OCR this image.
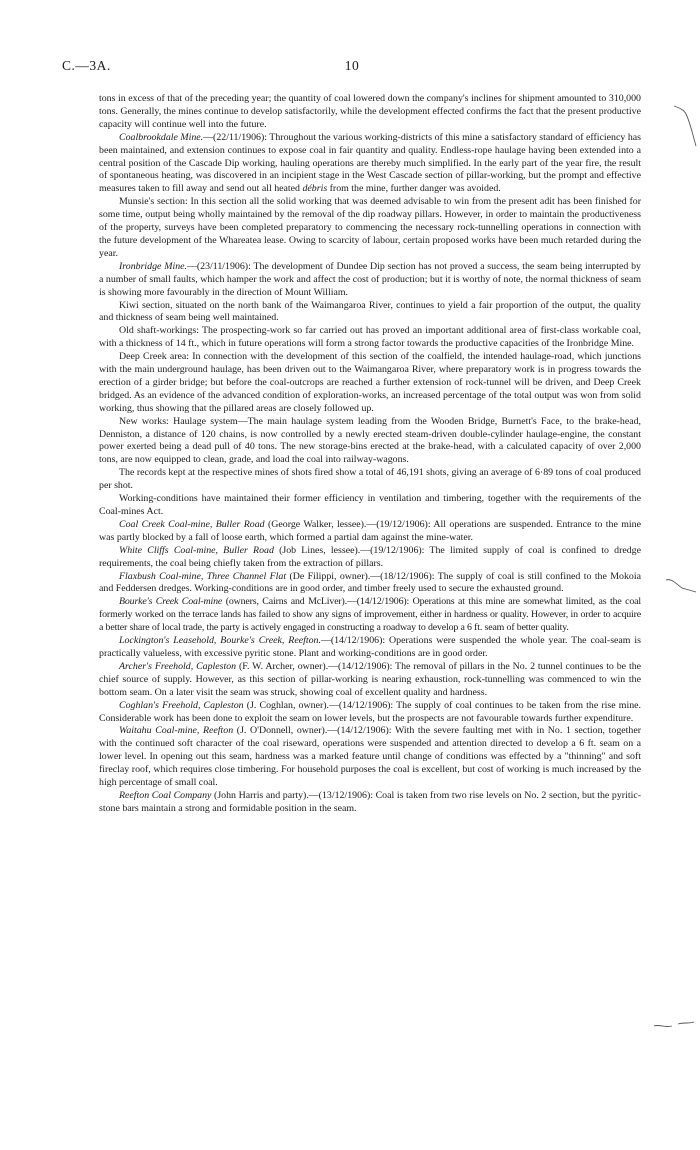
C.—3A.	10

tons in excess of that of the preceding year; the quantity of coal lowered down the company's inclines for shipment amounted to 310,000 tons. Generally, the mines continue to develop satisfactorily, while the development effected confirms the fact that the present productive capacity will continue well into the future.

Coalbrookdale Mine.—(22/11/1906): Throughout the various working-districts of this mine a satisfactory standard of efficiency has been maintained, and extension continues to expose coal in fair quantity and quality. Endless-rope haulage having been extended into a central position of the Cascade Dip working, hauling operations are thereby much simplified. In the early part of the year fire, the result of spontaneous heating, was discovered in an incipient stage in the West Cascade section of pillar-working, but the prompt and effective measures taken to fill away and send out all heated débris from the mine, further danger was avoided.

Munsie's section: In this section all the solid working that was deemed advisable to win from the present adit has been finished for some time, output being wholly maintained by the removal of the dip roadway pillars. However, in order to maintain the productiveness of the property, surveys have been completed preparatory to commencing the necessary rock-tunnelling operations in connection with the future development of the Whareatea lease. Owing to scarcity of labour, certain proposed works have been much retarded during the year.

Ironbridge Mine.—(23/11/1906): The development of Dundee Dip section has not proved a success, the seam being interrupted by a number of small faults, which hamper the work and affect the cost of production; but it is worthy of note, the normal thickness of seam is showing more favourably in the direction of Mount William.

Kiwi section, situated on the north bank of the Waimangaroa River, continues to yield a fair proportion of the output, the quality and thickness of seam being well maintained.

Old shaft-workings: The prospecting-work so far carried out has proved an important additional area of first-class workable coal, with a thickness of 14 ft., which in future operations will form a strong factor towards the productive capacities of the Ironbridge Mine.

Deep Creek area: In connection with the development of this section of the coalfield, the intended haulage-road, which junctions with the main underground haulage, has been driven out to the Waimangaroa River, where preparatory work is in progress towards the erection of a girder bridge; but before the coal-outcrops are reached a further extension of rock-tunnel will be driven, and Deep Creek bridged. As an evidence of the advanced condition of exploration-works, an increased percentage of the total output was won from solid working, thus showing that the pillared areas are closely followed up.

New works: Haulage system—The main haulage system leading from the Wooden Bridge, Burnett's Face, to the brake-head, Denniston, a distance of 120 chains, is now controlled by a newly erected steam-driven double-cylinder haulage-engine, the constant power exerted being a dead pull of 40 tons. The new storage-bins erected at the brake-head, with a calculated capacity of over 2,000 tons, are now equipped to clean, grade, and load the coal into railway-wagons.

The records kept at the respective mines of shots fired show a total of 46,191 shots, giving an average of 6·89 tons of coal produced per shot.

Working-conditions have maintained their former efficiency in ventilation and timbering, together with the requirements of the Coal-mines Act.

Coal Creek Coal-mine, Buller Road (George Walker, lessee).—(19/12/1906): All operations are suspended. Entrance to the mine was partly blocked by a fall of loose earth, which formed a partial dam against the mine-water.

White Cliffs Coal-mine, Buller Road (Job Lines, lessee).—(19/12/1906): The limited supply of coal is confined to dredge requirements, the coal being chiefly taken from the extraction of pillars.

Flaxbush Coal-mine, Three Channel Flat (De Filippi, owner).—(18/12/1906): The supply of coal is still confined to the Mokoia and Feddersen dredges. Working-conditions are in good order, and timber freely used to secure the exhausted ground.

Bourke's Creek Coal-mine (owners, Cairns and McLiver).—(14/12/1906): Operations at this mine are somewhat limited, as the coal formerly worked on the terrace lands has failed to show any signs of improvement, either in hardness or quality. However, in order to acquire a better share of local trade, the party is actively engaged in constructing a roadway to develop a 6 ft. seam of better quality.

Lockington's Leasehold, Bourke's Creek, Reefton.—(14/12/1906): Operations were suspended the whole year. The coal-seam is practically valueless, with excessive pyritic stone. Plant and working-conditions are in good order.

Archer's Freehold, Capleston (F. W. Archer, owner).—(14/12/1906): The removal of pillars in the No. 2 tunnel continues to be the chief source of supply. However, as this section of pillar-working is nearing exhaustion, rock-tunnelling was commenced to win the bottom seam. On a later visit the seam was struck, showing coal of excellent quality and hardness.

Coghlan's Freehold, Capleston (J. Coghlan, owner).—(14/12/1906): The supply of coal continues to be taken from the rise mine. Considerable work has been done to exploit the seam on lower levels, but the prospects are not favourable towards further expenditure.

Waitahu Coal-mine, Reefton (J. O'Donnell, owner).—(14/12/1906): With the severe faulting met with in No. 1 section, together with the continued soft character of the coal riseward, operations were suspended and attention directed to develop a 6 ft. seam on a lower level. In opening out this seam, hardness was a marked feature until change of conditions was effected by a "thinning" and soft fireclay roof, which requires close timbering. For household purposes the coal is excellent, but cost of working is much increased by the high percentage of small coal.

Reefton Coal Company (John Harris and party).—(13/12/1906): Coal is taken from two rise levels on No. 2 section, but the pyritic-stone bars maintain a strong and formidable position in the seam.
